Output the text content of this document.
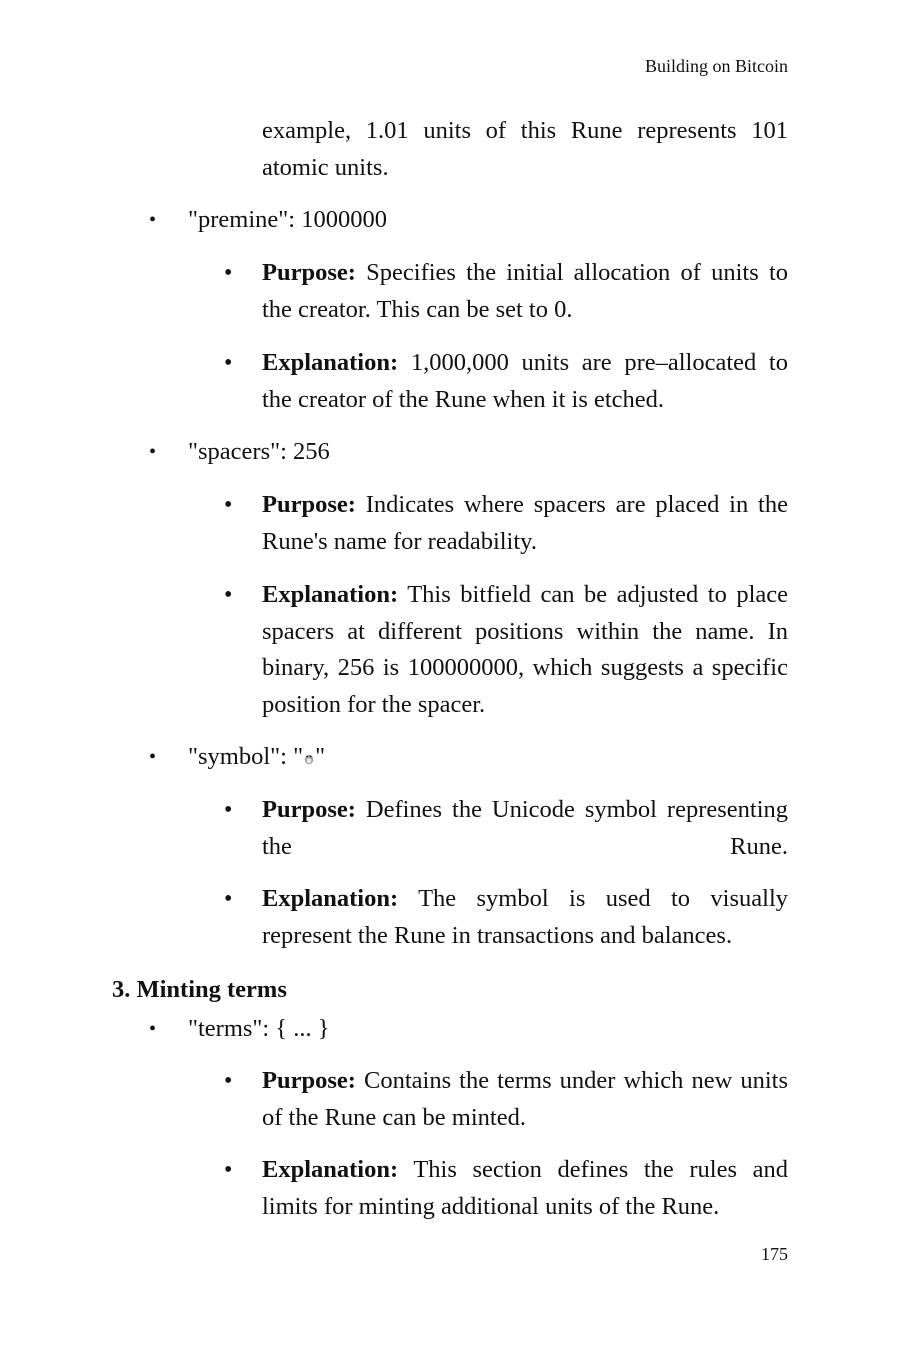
Building on Bitcoin
example, 1.01 units of this Rune represents 101 atomic units.
• "premine": 1000000
• Purpose: Specifies the initial allocation of units to the creator. This can be set to 0.
• Explanation: 1,000,000 units are pre–allocated to the creator of the Rune when it is etched.
• "spacers": 256
• Purpose: Indicates where spacers are placed in the Rune's name for readability.
• Explanation: This bitfield can be adjusted to place spacers at different positions within the name. In binary, 256 is 100000000, which suggests a specific position for the spacer.
• "symbol": " "
• Purpose: Defines the Unicode symbol representing the Rune.
• Explanation: The symbol is used to visually represent the Rune in transactions and balances.
3. Minting terms
• "terms": { ... }
• Purpose: Contains the terms under which new units of the Rune can be minted.
• Explanation: This section defines the rules and limits for minting additional units of the Rune.
175
